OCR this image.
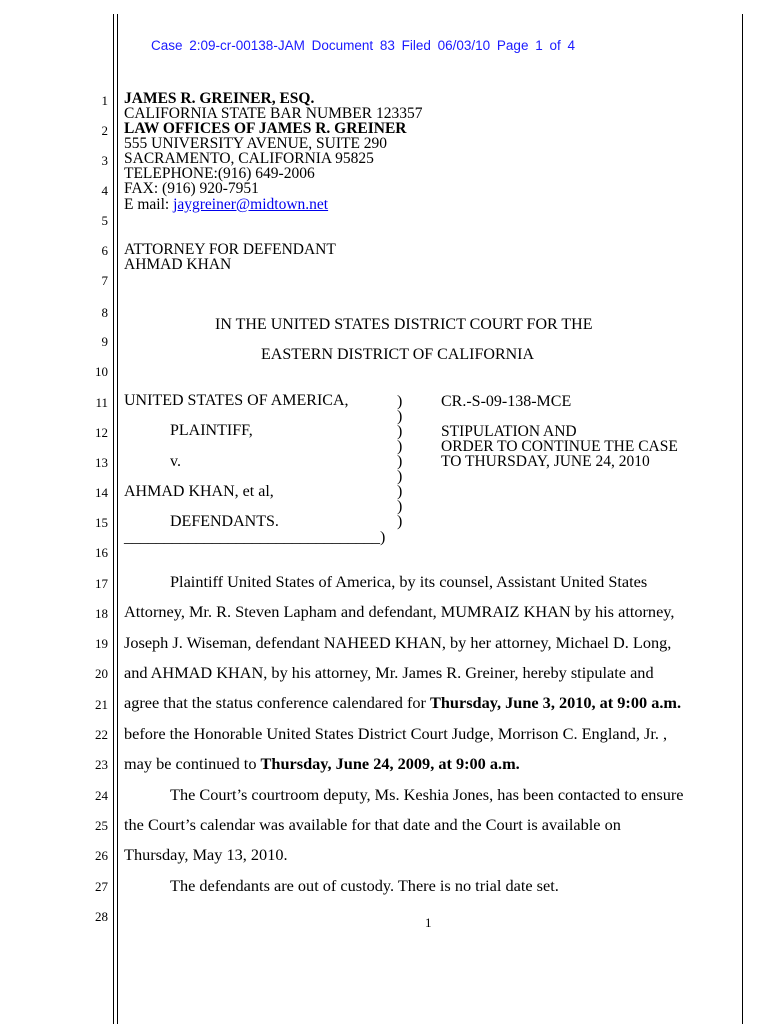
Case 2:09-cr-00138-JAM Document 83 Filed 06/03/10 Page 1 of 4
1
2
3
4
5
6
7
8
9
10
11
12
13
14
15
16
17
18
19
20
21
22
23
24
25
26
27
28
JAMES R. GREINER, ESQ.
CALIFORNIA STATE BAR NUMBER 123357
LAW OFFICES OF JAMES R. GREINER
555 UNIVERSITY AVENUE, SUITE 290
SACRAMENTO, CALIFORNIA 95825
TELEPHONE:(916) 649-2006
FAX: (916) 920-7951
E mail: jaygreiner@midtown.net
ATTORNEY FOR DEFENDANT
AHMAD KHAN
IN THE UNITED STATES DISTRICT COURT FOR THE
EASTERN DISTRICT OF CALIFORNIA
UNITED STATES OF AMERICA,
PLAINTIFF,
v.
AHMAD KHAN, et al,
DEFENDANTS.
________________________________)
)
)
)
)
)
)
)
)
)
CR.-S-09-138-MCE
STIPULATION AND
ORDER TO CONTINUE THE CASE
TO THURSDAY, JUNE 24, 2010
Plaintiff United States of America, by its counsel, Assistant United States
Attorney, Mr. R. Steven Lapham and defendant, MUMRAIZ KHAN by his attorney,
Joseph J. Wiseman, defendant NAHEED KHAN, by her attorney, Michael D. Long,
and AHMAD KHAN, by his attorney, Mr. James R. Greiner, hereby stipulate and
agree that the status conference calendared for Thursday, June 3, 2010, at 9:00 a.m.
before the Honorable United States District Court Judge, Morrison C. England, Jr. ,
may be continued to Thursday, June 24, 2009, at 9:00 a.m.
The Court’s courtroom deputy, Ms. Keshia Jones, has been contacted to ensure
the Court’s calendar was available for that date and the Court is available on
Thursday, May 13, 2010.
The defendants are out of custody. There is no trial date set.
1
